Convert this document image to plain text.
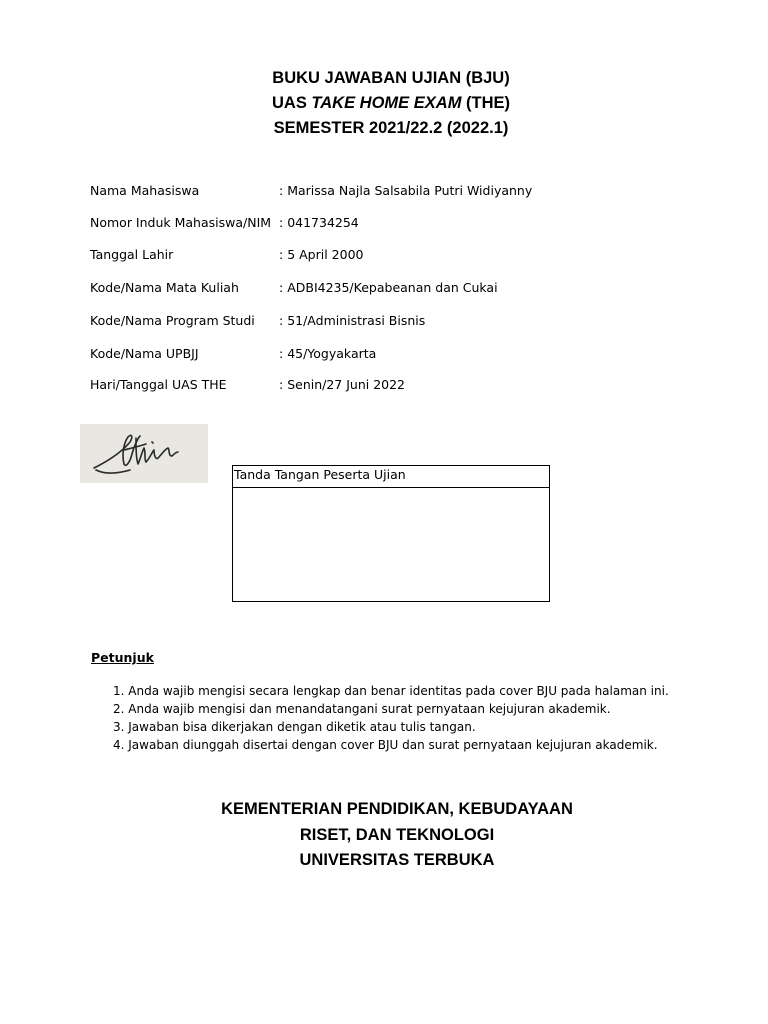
BUKU JAWABAN UJIAN (BJU)
UAS TAKE HOME EXAM (THE)
SEMESTER 2021/22.2 (2022.1)
Nama Mahasiswa	: Marissa Najla Salsabila Putri Widiyanny
Nomor Induk Mahasiswa/NIM	: 041734254
Tanggal Lahir	: 5 April 2000
Kode/Nama Mata Kuliah	: ADBI4235/Kepabeanan dan Cukai
Kode/Nama Program Studi	: 51/Administrasi Bisnis
Kode/Nama UPBJJ	: 45/Yogyakarta
Hari/Tanggal UAS THE	: Senin/27 Juni 2022
Tanda Tangan Peserta Ujian
Petunjuk
1. Anda wajib mengisi secara lengkap dan benar identitas pada cover BJU pada halaman ini.
2. Anda wajib mengisi dan menandatangani surat pernyataan kejujuran akademik.
3. Jawaban bisa dikerjakan dengan diketik atau tulis tangan.
4. Jawaban diunggah disertai dengan cover BJU dan surat pernyataan kejujuran akademik.
KEMENTERIAN PENDIDIKAN, KEBUDAYAAN
RISET, DAN TEKNOLOGI
UNIVERSITAS TERBUKA
